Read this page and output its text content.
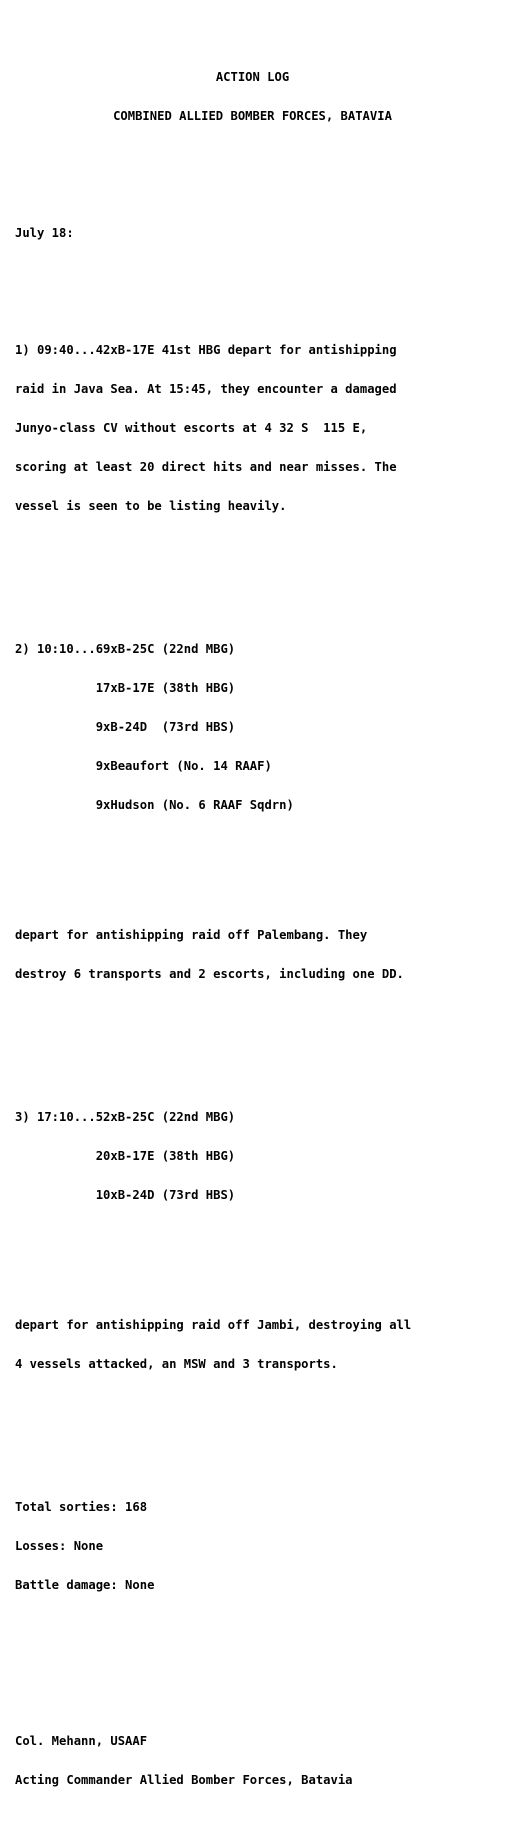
ACTION LOG

COMBINED ALLIED BOMBER FORCES, BATAVIA

July 18:

1) 09:40...42xB-17E 41st HBG depart for antishipping

raid in Java Sea. At 15:45, they encounter a damaged

Junyo-class CV without escorts at 4 32 S  115 E,

scoring at least 20 direct hits and near misses. The

vessel is seen to be listing heavily.

2) 10:10...69xB-25C (22nd MBG)

17xB-17E (38th HBG)

9xB-24D  (73rd HBS)

9xBeaufort (No. 14 RAAF)

9xHudson (No. 6 RAAF Sqdrn)

depart for antishipping raid off Palembang. They

destroy 6 transports and 2 escorts, including one DD.

3) 17:10...52xB-25C (22nd MBG)

20xB-17E (38th HBG)

10xB-24D (73rd HBS)

depart for antishipping raid off Jambi, destroying all

4 vessels attacked, an MSW and 3 transports.

Total sorties: 168

Losses: None

Battle damage: None

Col. Mehann, USAAF

Acting Commander Allied Bomber Forces, Batavia
